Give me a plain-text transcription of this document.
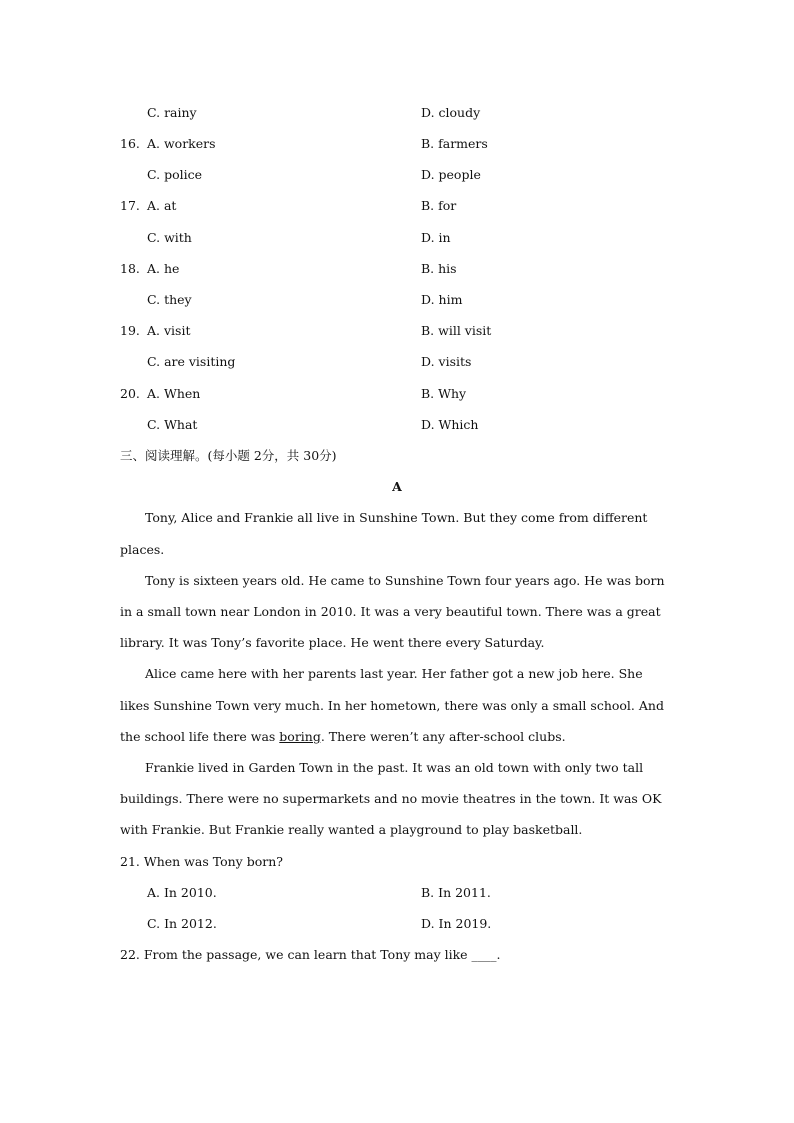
C. rainy	D. cloudy
16. A. workers	B. farmers
C. police	D. people
17. A. at	B. for
C. with	D. in
18. A. he	B. his
C. they	D. him
19. A. visit	B. will visit
C. are visiting	D. visits
20. A. When	B. Why
C. What	D. Which
三、阅读理解。(每小题 2分，共 30分)
A
Tony, Alice and Frankie all live in Sunshine Town. But they come from different
places.
Tony is sixteen years old. He came to Sunshine Town four years ago. He was born
in a small town near London in 2010. It was a very beautiful town. There was a great
library. It was Tony’s favorite place. He went there every Saturday.
Alice came here with her parents last year. Her father got a new job here. She
likes Sunshine Town very much. In her hometown, there was only a small school. And
the school life there was boring. There weren’t any after-school clubs.
Frankie lived in Garden Town in the past. It was an old town with only two tall
buildings. There were no supermarkets and no movie theatres in the town. It was OK
with Frankie. But Frankie really wanted a playground to play basketball.
21. When was Tony born?
A. In 2010.	B. In 2011.
C. In 2012.	D. In 2019.
22. From the passage, we can learn that Tony may like ____.
